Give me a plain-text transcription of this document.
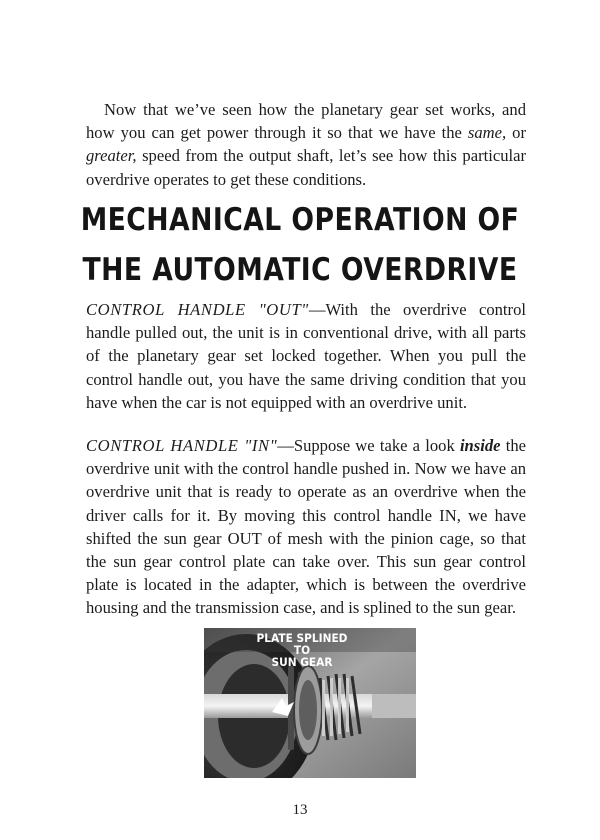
Now that we’ve seen how the planetary gear set works, and how you can get power through it so that we have the same, or greater, speed from the output shaft, let’s see how this particular overdrive operates to get these conditions.

MECHANICAL OPERATION OF
THE AUTOMATIC OVERDRIVE

CONTROL HANDLE "OUT"—With the overdrive control handle pulled out, the unit is in conventional drive, with all parts of the planetary gear set locked together. When you pull the control handle out, you have the same driving condition that you have when the car is not equipped with an overdrive unit.

CONTROL HANDLE "IN"—Suppose we take a look inside the overdrive unit with the control handle pushed in. Now we have an overdrive unit that is ready to operate as an overdrive when the driver calls for it. By moving this control handle IN, we have shifted the sun gear OUT of mesh with the pinion cage, so that the sun gear control plate can take over. This sun gear control plate is located in the adapter, which is between the overdrive housing and the transmission case, and is splined to the sun gear.

PLATE SPLINED TO
SUN GEAR
13
